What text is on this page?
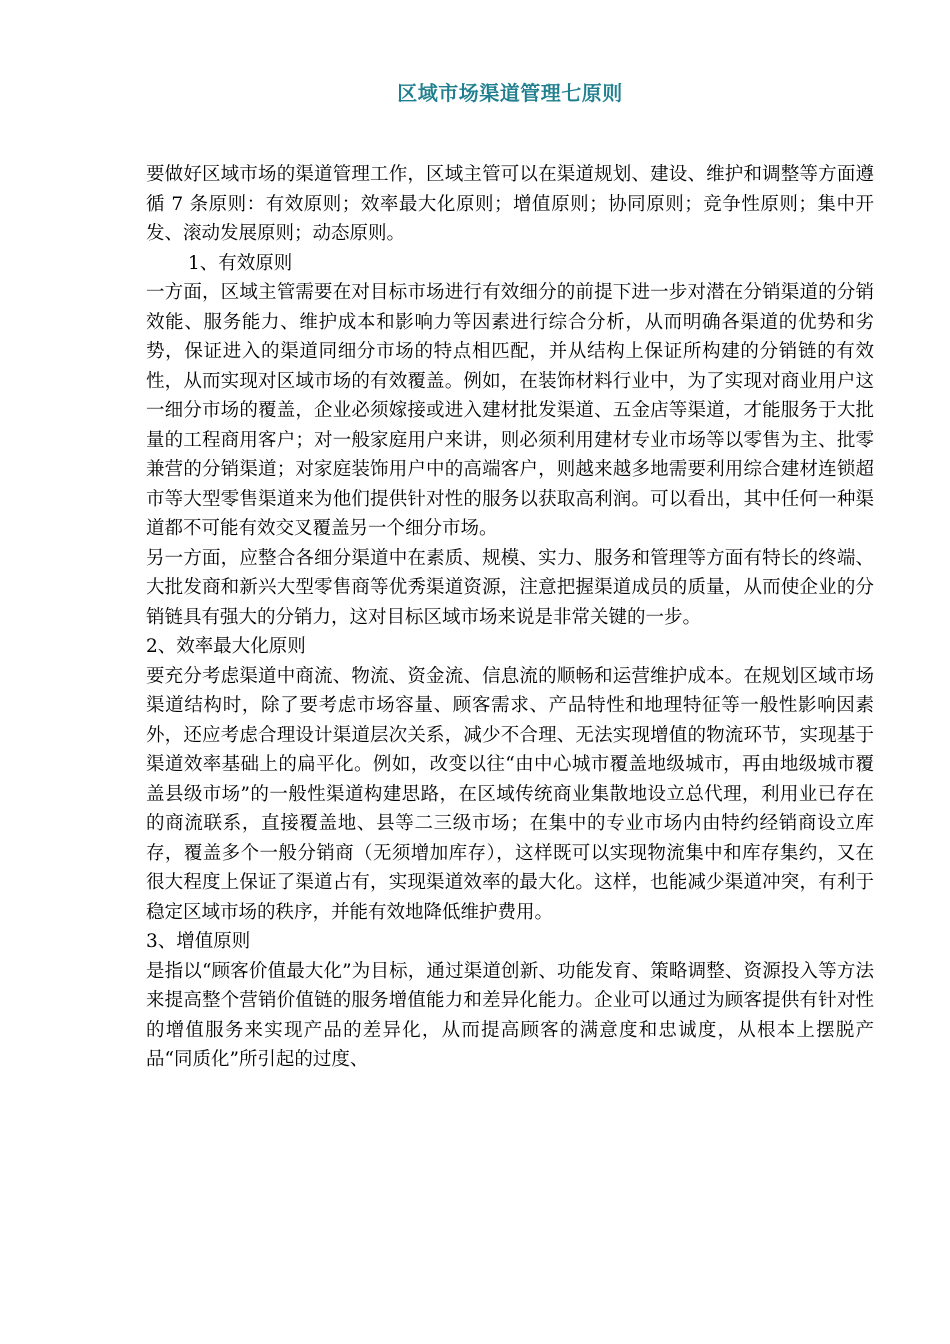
区域市场渠道管理七原则

要做好区域市场的渠道管理工作，区域主管可以在渠道规划、建设、维护和调整等方面遵循 7 条原则：有效原则；效率最大化原则；增值原则；协同原则；竞争性原则；集中开发、滚动发展原则；动态原则。

1、有效原则

一方面，区域主管需要在对目标市场进行有效细分的前提下进一步对潜在分销渠道的分销效能、服务能力、维护成本和影响力等因素进行综合分析，从而明确各渠道的优势和劣势，保证进入的渠道同细分市场的特点相匹配，并从结构上保证所构建的分销链的有效性，从而实现对区域市场的有效覆盖。例如，在装饰材料行业中，为了实现对商业用户这一细分市场的覆盖，企业必须嫁接或进入建材批发渠道、五金店等渠道，才能服务于大批量的工程商用客户；对一般家庭用户来讲，则必须利用建材专业市场等以零售为主、批零兼营的分销渠道；对家庭装饰用户中的高端客户，则越来越多地需要利用综合建材连锁超市等大型零售渠道来为他们提供针对性的服务以获取高利润。可以看出，其中任何一种渠道都不可能有效交叉覆盖另一个细分市场。

另一方面，应整合各细分渠道中在素质、规模、实力、服务和管理等方面有特长的终端、大批发商和新兴大型零售商等优秀渠道资源，注意把握渠道成员的质量，从而使企业的分销链具有强大的分销力，这对目标区域市场来说是非常关键的一步。

2、效率最大化原则

要充分考虑渠道中商流、物流、资金流、信息流的顺畅和运营维护成本。在规划区域市场渠道结构时，除了要考虑市场容量、顾客需求、产品特性和地理特征等一般性影响因素外，还应考虑合理设计渠道层次关系，减少不合理、无法实现增值的物流环节，实现基于渠道效率基础上的扁平化。例如，改变以往“由中心城市覆盖地级城市，再由地级城市覆盖县级市场”的一般性渠道构建思路，在区域传统商业集散地设立总代理，利用业已存在的商流联系，直接覆盖地、县等二三级市场；在集中的专业市场内由特约经销商设立库存，覆盖多个一般分销商（无须增加库存），这样既可以实现物流集中和库存集约，又在很大程度上保证了渠道占有，实现渠道效率的最大化。这样，也能减少渠道冲突，有利于稳定区域市场的秩序，并能有效地降低维护费用。

3、增值原则

是指以“顾客价值最大化”为目标，通过渠道创新、功能发育、策略调整、资源投入等方法来提高整个营销价值链的服务增值能力和差异化能力。企业可以通过为顾客提供有针对性的增值服务来实现产品的差异化，从而提高顾客的满意度和忠诚度，从根本上摆脱产品“同质化”所引起的过度、
